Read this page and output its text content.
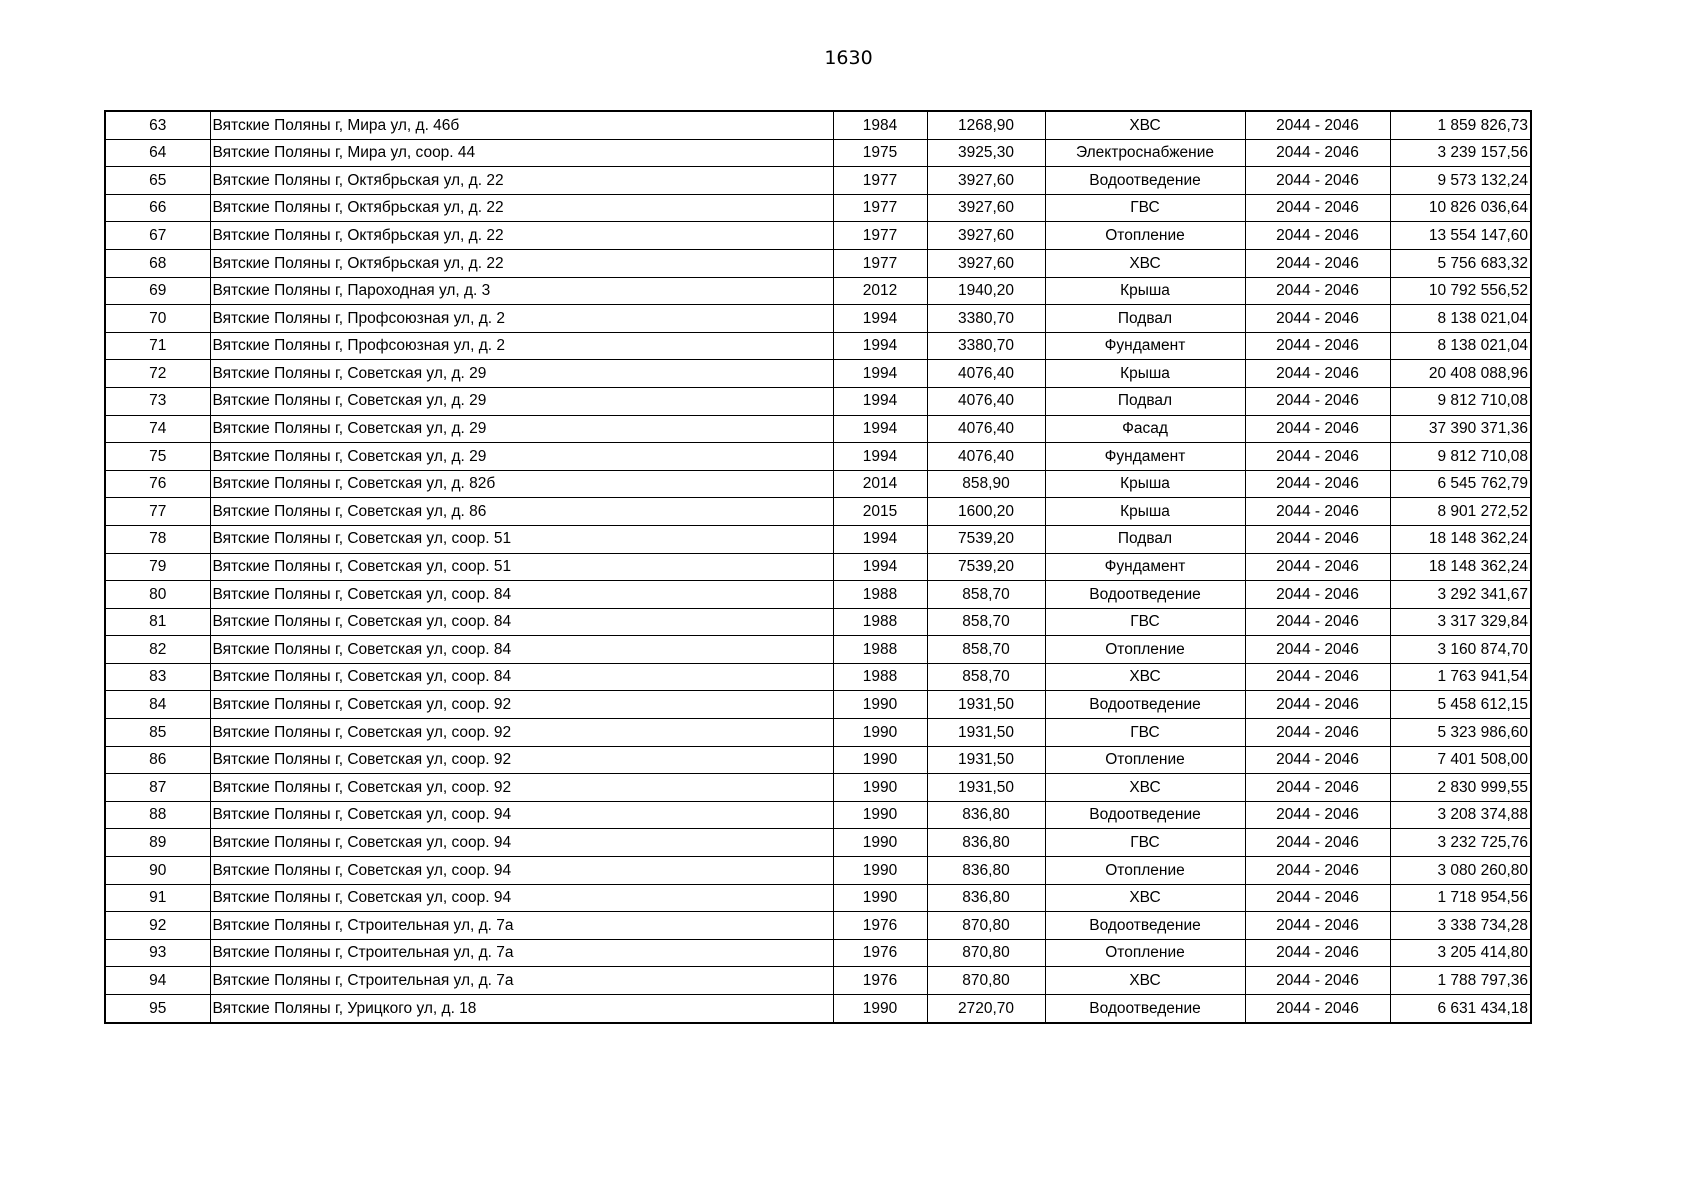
1630
63	Вятские Поляны г, Мира ул, д. 46б	1984	1268,90	ХВС	2044 - 2046	1 859 826,73
64	Вятские Поляны г, Мира ул, соор. 44	1975	3925,30	Электроснабжение	2044 - 2046	3 239 157,56
65	Вятские Поляны г, Октябрьская ул, д. 22	1977	3927,60	Водоотведение	2044 - 2046	9 573 132,24
66	Вятские Поляны г, Октябрьская ул, д. 22	1977	3927,60	ГВС	2044 - 2046	10 826 036,64
67	Вятские Поляны г, Октябрьская ул, д. 22	1977	3927,60	Отопление	2044 - 2046	13 554 147,60
68	Вятские Поляны г, Октябрьская ул, д. 22	1977	3927,60	ХВС	2044 - 2046	5 756 683,32
69	Вятские Поляны г, Пароходная ул, д. 3	2012	1940,20	Крыша	2044 - 2046	10 792 556,52
70	Вятские Поляны г, Профсоюзная ул, д. 2	1994	3380,70	Подвал	2044 - 2046	8 138 021,04
71	Вятские Поляны г, Профсоюзная ул, д. 2	1994	3380,70	Фундамент	2044 - 2046	8 138 021,04
72	Вятские Поляны г, Советская ул, д. 29	1994	4076,40	Крыша	2044 - 2046	20 408 088,96
73	Вятские Поляны г, Советская ул, д. 29	1994	4076,40	Подвал	2044 - 2046	9 812 710,08
74	Вятские Поляны г, Советская ул, д. 29	1994	4076,40	Фасад	2044 - 2046	37 390 371,36
75	Вятские Поляны г, Советская ул, д. 29	1994	4076,40	Фундамент	2044 - 2046	9 812 710,08
76	Вятские Поляны г, Советская ул, д. 82б	2014	858,90	Крыша	2044 - 2046	6 545 762,79
77	Вятские Поляны г, Советская ул, д. 86	2015	1600,20	Крыша	2044 - 2046	8 901 272,52
78	Вятские Поляны г, Советская ул, соор. 51	1994	7539,20	Подвал	2044 - 2046	18 148 362,24
79	Вятские Поляны г, Советская ул, соор. 51	1994	7539,20	Фундамент	2044 - 2046	18 148 362,24
80	Вятские Поляны г, Советская ул, соор. 84	1988	858,70	Водоотведение	2044 - 2046	3 292 341,67
81	Вятские Поляны г, Советская ул, соор. 84	1988	858,70	ГВС	2044 - 2046	3 317 329,84
82	Вятские Поляны г, Советская ул, соор. 84	1988	858,70	Отопление	2044 - 2046	3 160 874,70
83	Вятские Поляны г, Советская ул, соор. 84	1988	858,70	ХВС	2044 - 2046	1 763 941,54
84	Вятские Поляны г, Советская ул, соор. 92	1990	1931,50	Водоотведение	2044 - 2046	5 458 612,15
85	Вятские Поляны г, Советская ул, соор. 92	1990	1931,50	ГВС	2044 - 2046	5 323 986,60
86	Вятские Поляны г, Советская ул, соор. 92	1990	1931,50	Отопление	2044 - 2046	7 401 508,00
87	Вятские Поляны г, Советская ул, соор. 92	1990	1931,50	ХВС	2044 - 2046	2 830 999,55
88	Вятские Поляны г, Советская ул, соор. 94	1990	836,80	Водоотведение	2044 - 2046	3 208 374,88
89	Вятские Поляны г, Советская ул, соор. 94	1990	836,80	ГВС	2044 - 2046	3 232 725,76
90	Вятские Поляны г, Советская ул, соор. 94	1990	836,80	Отопление	2044 - 2046	3 080 260,80
91	Вятские Поляны г, Советская ул, соор. 94	1990	836,80	ХВС	2044 - 2046	1 718 954,56
92	Вятские Поляны г, Строительная ул, д. 7а	1976	870,80	Водоотведение	2044 - 2046	3 338 734,28
93	Вятские Поляны г, Строительная ул, д. 7а	1976	870,80	Отопление	2044 - 2046	3 205 414,80
94	Вятские Поляны г, Строительная ул, д. 7а	1976	870,80	ХВС	2044 - 2046	1 788 797,36
95	Вятские Поляны г, Урицкого ул, д. 18	1990	2720,70	Водоотведение	2044 - 2046	6 631 434,18
